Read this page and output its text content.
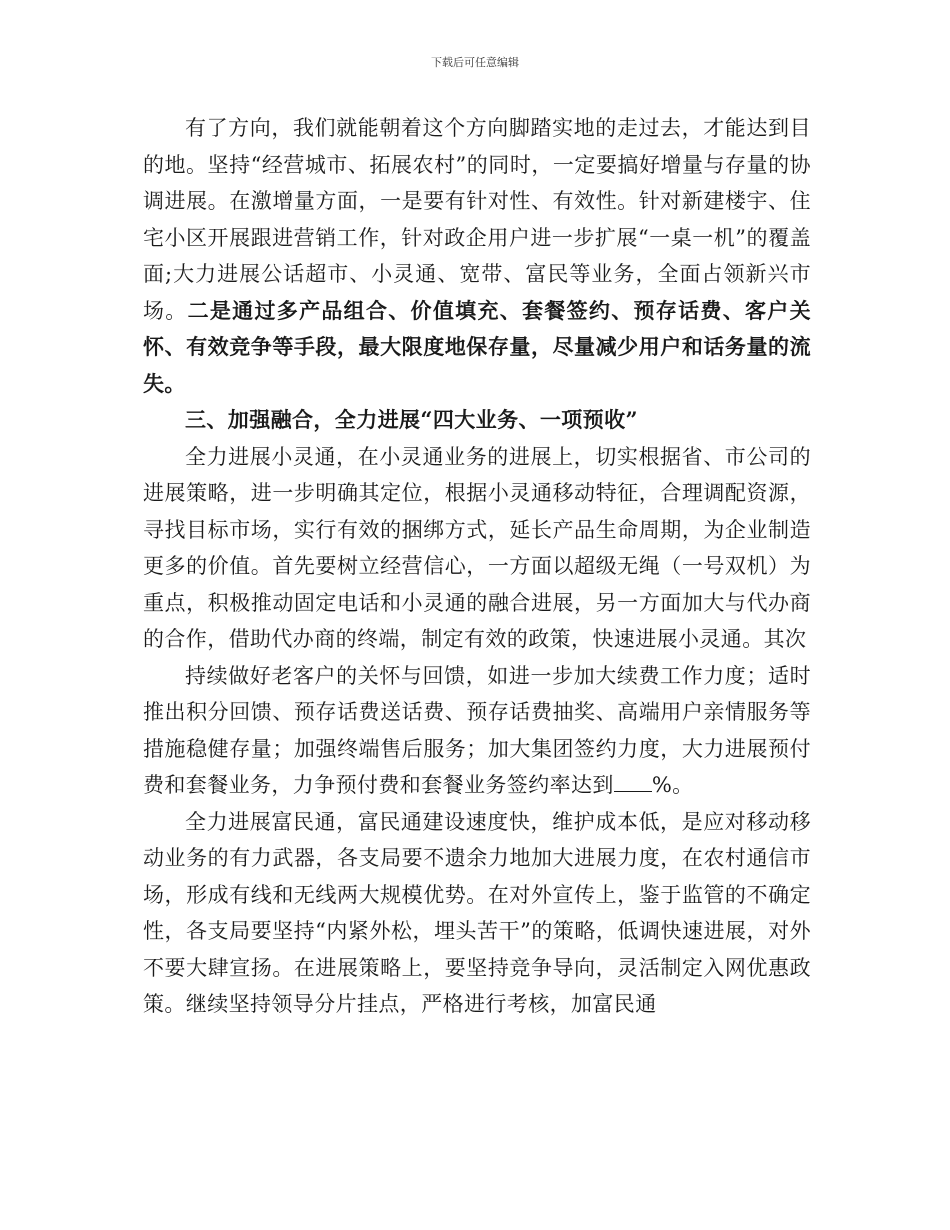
下载后可任意编辑

有了方向，我们就能朝着这个方向脚踏实地的走过去，才能达到目的地。坚持“经营城市、拓展农村”的同时，一定要搞好增量与存量的协调进展。在激增量方面，一是要有针对性、有效性。针对新建楼宇、住宅小区开展跟进营销工作，针对政企用户进一步扩展“一桌一机”的覆盖面;大力进展公话超市、小灵通、宽带、富民等业务，全面占领新兴市场。二是通过多产品组合、价值填充、套餐签约、预存话费、客户关怀、有效竞争等手段，最大限度地保存量，尽量减少用户和话务量的流失。

三、加强融合，全力进展“四大业务、一项预收”

全力进展小灵通，在小灵通业务的进展上，切实根据省、市公司的进展策略，进一步明确其定位，根据小灵通移动特征，合理调配资源，寻找目标市场，实行有效的捆绑方式，延长产品生命周期，为企业制造更多的价值。首先要树立经营信心，一方面以超级无绳（一号双机）为重点，积极推动固定电话和小灵通的融合进展，另一方面加大与代办商的合作，借助代办商的终端，制定有效的政策，快速进展小灵通。其次

持续做好老客户的关怀与回馈，如进一步加大续费工作力度；适时推出积分回馈、预存话费送话费、预存话费抽奖、高端用户亲情服务等措施稳健存量；加强终端售后服务；加大集团签约力度，大力进展预付费和套餐业务，力争预付费和套餐业务签约率达到 %。

全力进展富民通，富民通建设速度快，维护成本低，是应对移动移动业务的有力武器，各支局要不遗余力地加大进展力度，在农村通信市场，形成有线和无线两大规模优势。在对外宣传上，鉴于监管的不确定性，各支局要坚持“内紧外松，埋头苦干”的策略，低调快速进展，对外不要大肆宣扬。在进展策略上，要坚持竞争导向，灵活制定入网优惠政策。继续坚持领导分片挂点，严格进行考核，加富民通
